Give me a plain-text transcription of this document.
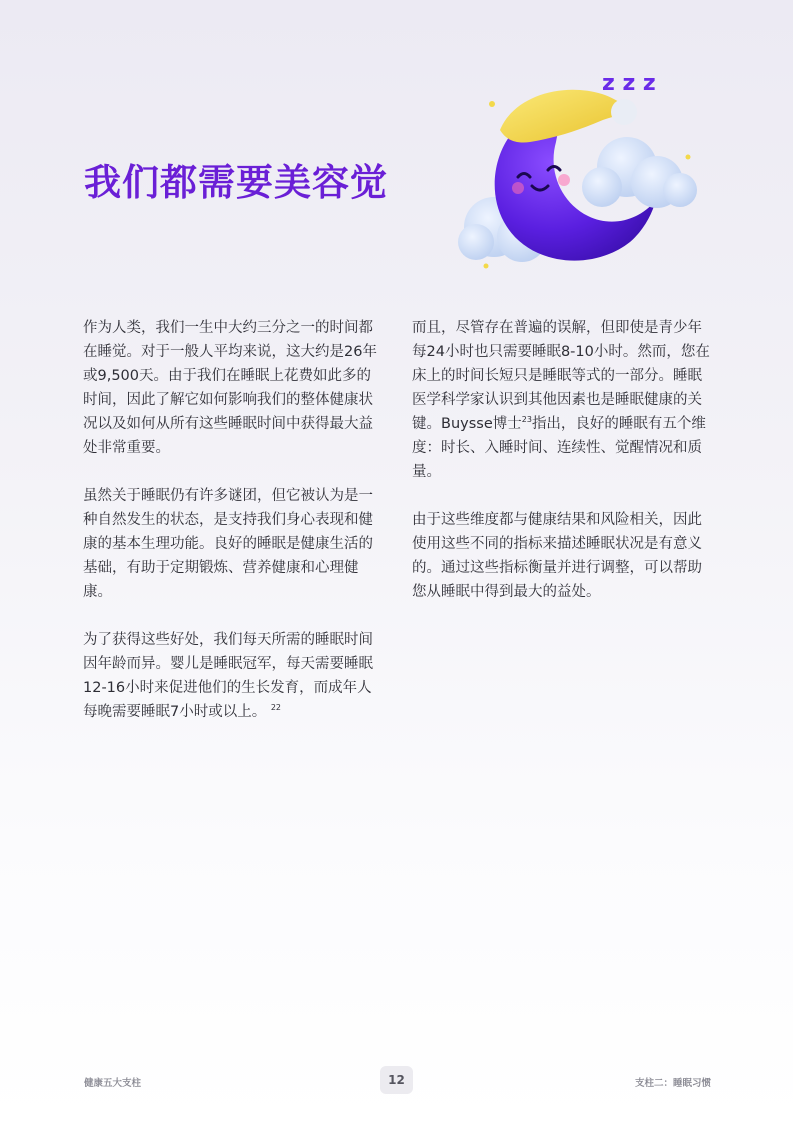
我们都需要美容觉
z z z

作为人类，我们一生中大约三分之一的时间都在睡觉。对于一般人平均来说，这大约是26年或9,500天。由于我们在睡眠上花费如此多的时间，因此了解它如何影响我们的整体健康状况以及如何从所有这些睡眠时间中获得最大益处非常重要。

虽然关于睡眠仍有许多谜团，但它被认为是一种自然发生的状态，是支持我们身心表现和健康的基本生理功能。良好的睡眠是健康生活的基础，有助于定期锻炼、营养健康和心理健康。

为了获得这些好处，我们每天所需的睡眠时间因年龄而异。婴儿是睡眠冠军，每天需要睡眠12-16小时来促进他们的生长发育，而成年人每晚需要睡眠7小时或以上。 $^{22}$

而且，尽管存在普遍的误解，但即使是青少年每24小时也只需要睡眠8-10小时。然而，您在床上的时间长短只是睡眠等式的一部分。睡眠医学科学家认识到其他因素也是睡眠健康的关键。Buysse博士$^{23}$指出，良好的睡眠有五个维度：时长、入睡时间、连续性、觉醒情况和质量。

由于这些维度都与健康结果和风险相关，因此使用这些不同的指标来描述睡眠状况是有意义的。通过这些指标衡量并进行调整，可以帮助您从睡眠中得到最大的益处。

健康五大支柱	12	支柱二：睡眠习惯
